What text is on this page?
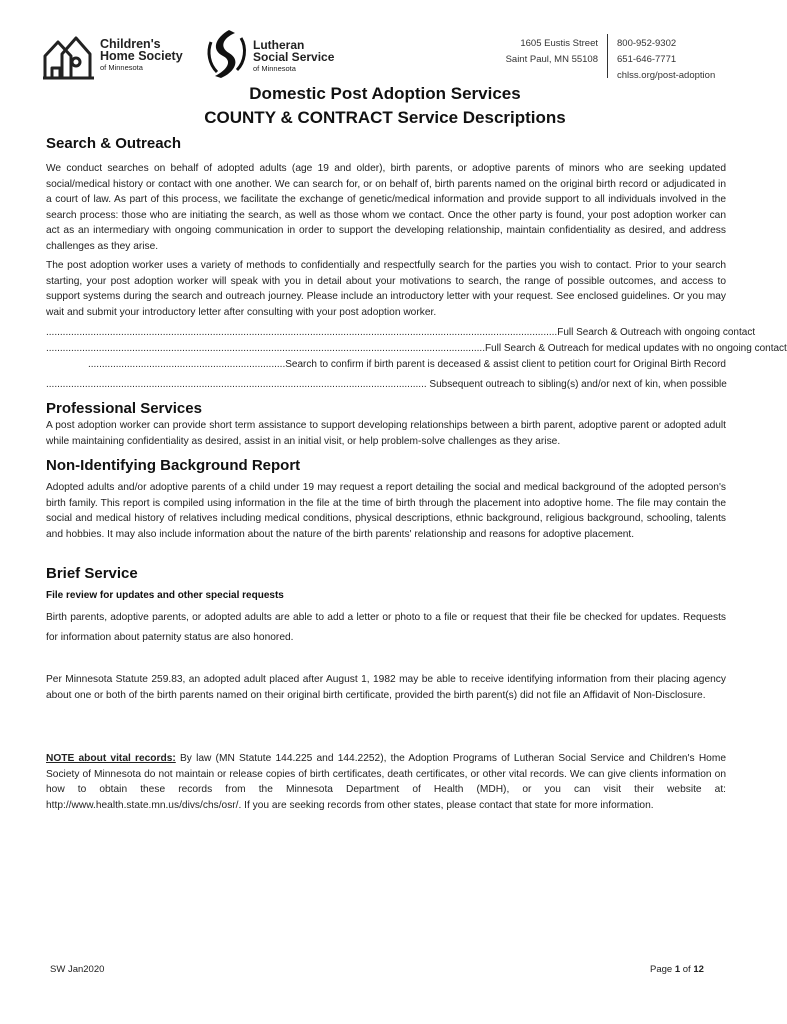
Children's
Home Society
of Minnesota
Lutheran
Social Service
of Minnesota
1605 Eustis Street
Saint Paul, MN 55108
800-952-9302
651-646-7771
chlss.org/post-adoption
Domestic Post Adoption Services
COUNTY & CONTRACT Service Descriptions
Search & Outreach
We conduct searches on behalf of adopted adults (age 19 and older), birth parents, or adoptive parents of minors who are seeking updated social/medical history or contact with one another. We can search for, or on behalf of, birth parents named on the original birth record or adjudicated in a court of law. As part of this process, we facilitate the exchange of genetic/medical information and provide support to all individuals involved in the search process: those who are initiating the search, as well as those whom we contact. Once the other party is found, your post adoption worker can act as an intermediary with ongoing communication in order to support the developing relationship, maintain confidentiality as desired, and address challenges as they arise.
The post adoption worker uses a variety of methods to confidentially and respectfully search for the parties you wish to contact. Prior to your search starting, your post adoption worker will speak with you in detail about your motivations to search, the range of possible outcomes, and access to support systems during the search and outreach journey. Please include an introductory letter with your request. See enclosed guidelines. Or you may wait and submit your introductory letter after consulting with your post adoption worker.
........................................................................................................................................................................................Full Search & Outreach with ongoing contact
..............................................................................................................................................................Full Search & Outreach for medical updates with no ongoing contact
.......................................................................Search to confirm if birth parent is deceased & assist client to petition court for Original Birth Record
......................................................................................................................................... Subsequent outreach to sibling(s) and/or next of kin, when possible
Professional Services
A post adoption worker can provide short term assistance to support developing relationships between a birth parent, adoptive parent or adopted adult while maintaining confidentiality as desired, assist in an initial visit, or help problem-solve challenges as they arise.
Non-Identifying Background Report
Adopted adults and/or adoptive parents of a child under 19 may request a report detailing the social and medical background of the adopted person's birth family. This report is compiled using information in the file at the time of birth through the placement into adoptive home. The file may contain the social and medical history of relatives including medical conditions, physical descriptions, ethnic background, religious background, schooling, talents and hobbies. It may also include information about the nature of the birth parents' relationship and reasons for adoptive placement.
Brief Service
File review for updates and other special requests
Birth parents, adoptive parents, or adopted adults are able to add a letter or photo to a file or request that their file be checked for updates. Requests for information about paternity status are also honored.
Per Minnesota Statute 259.83, an adopted adult placed after August 1, 1982 may be able to receive identifying information from their placing agency about one or both of the birth parents named on their original birth certificate, provided the birth parent(s) did not file an Affidavit of Non-Disclosure.
NOTE about vital records: By law (MN Statute 144.225 and 144.2252), the Adoption Programs of Lutheran Social Service and Children's Home Society of Minnesota do not maintain or release copies of birth certificates, death certificates, or other vital records. We can give clients information on how to obtain these records from the Minnesota Department of Health (MDH), or you can visit their website at: http://www.health.state.mn.us/divs/chs/osr/. If you are seeking records from other states, please contact that state for more information.
SW Jan2020	Page 1 of 12
